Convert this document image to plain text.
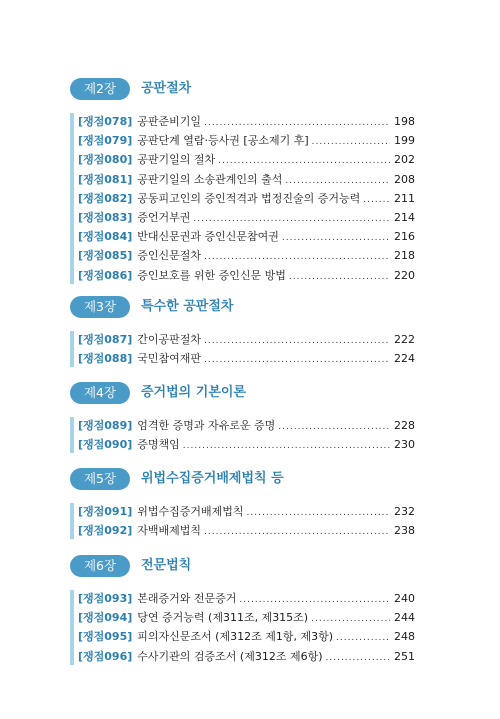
제2장	공판절차
[쟁점078] 공판준비기일 .....	198
[쟁점079] 공판단계 열람·등사권 [공소제기 후] .....	199
[쟁점080] 공판기일의 절차 .....	202
[쟁점081] 공판기일의 소송관계인의 출석 .....	208
[쟁점082] 공동피고인의 증인적격과 법정진술의 증거능력 .....	211
[쟁점083] 증언거부권 .....	214
[쟁점084] 반대신문권과 증인신문참여권 .....	216
[쟁점085] 증인신문절차 .....	218
[쟁점086] 증인보호를 위한 증인신문 방법 .....	220
제3장	특수한 공판절차
[쟁점087] 간이공판절차 .....	222
[쟁점088] 국민참여재판 .....	224
제4장	증거법의 기본이론
[쟁점089] 엄격한 증명과 자유로운 증명 .....	228
[쟁점090] 증명책임 .....	230
제5장	위법수집증거배제법칙 등
[쟁점091] 위법수집증거배제법칙 .....	232
[쟁점092] 자백배제법칙 .....	238
제6장	전문법칙
[쟁점093] 본래증거와 전문증거 .....	240
[쟁점094] 당연 증거능력 (제311조, 제315조) .....	244
[쟁점095] 피의자신문조서 (제312조 제1항, 제3항) .....	248
[쟁점096] 수사기관의 검증조서 (제312조 제6항) .....	251
